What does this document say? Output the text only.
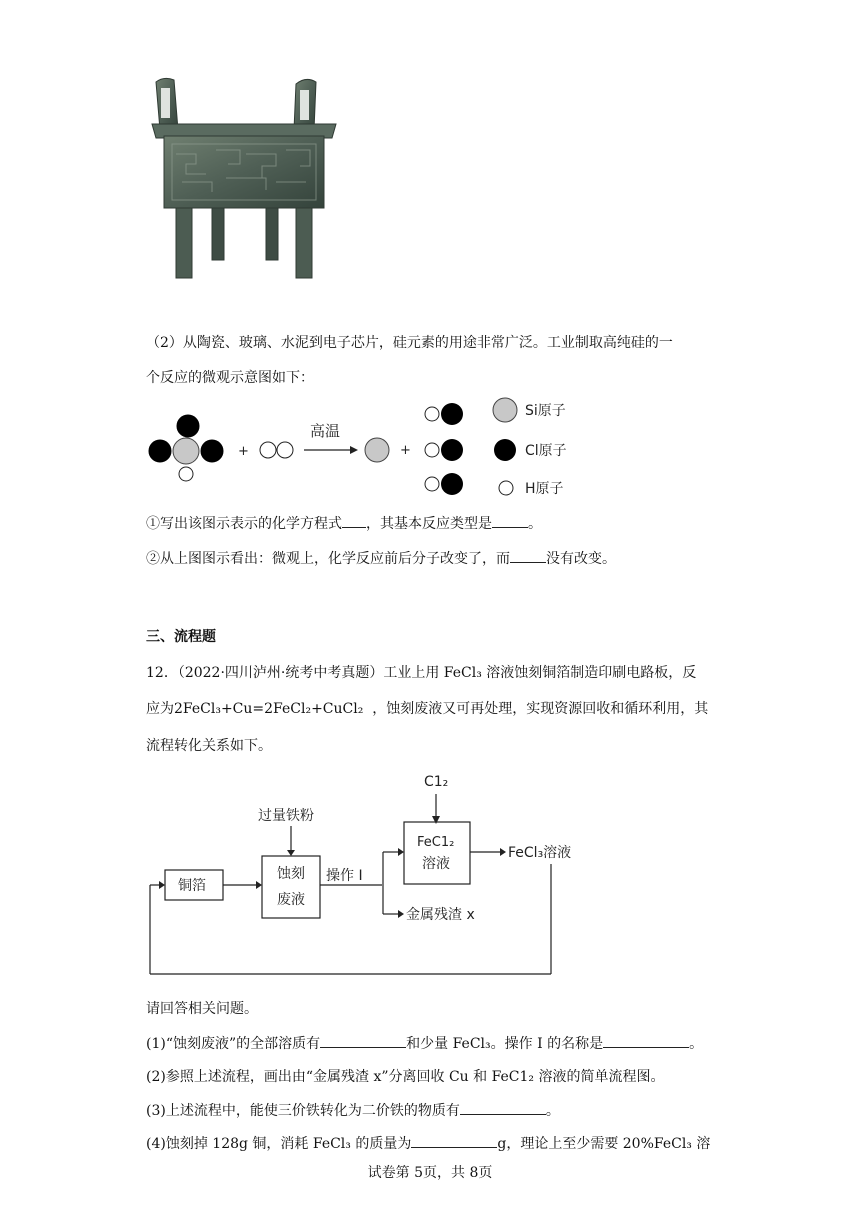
（2）从陶瓷、玻璃、水泥到电子芯片，硅元素的用途非常广泛。工业制取高纯硅的一
个反应的微观示意图如下：
+
高温
+
Si原子
Cl原子
H原子
①写出该图示表示的化学方程式 ，其基本反应类型是	。
②从上图图示看出：微观上，化学反应前后分子改变了，而	没有改变。
三、流程题
12．（2022·四川泸州·统考中考真题）工业上用 FeCl₃ 溶液蚀刻铜箔制造印刷电路板，反
应为2FeCl₃+Cu=2FeCl₂+CuCl₂ ，蚀刻废液又可再处理，实现资源回收和循环利用，其
流程转化关系如下。
C1₂
过量铁粉
铜箔
蚀刻
废液
操作 I
FeC1₂
溶液
FeCl₃溶液
金属残渣 x
请回答相关问题。
(1)“蚀刻废液”的全部溶质有	和少量 FeCl₃。操作 I 的名称是	。
(2)参照上述流程，画出由“金属残渣 x”分离回收 Cu 和 FeC1₂ 溶液的简单流程图。
(3)上述流程中，能使三价铁转化为二价铁的物质有	。
(4)蚀刻掉 128g 铜，消耗 FeCl₃ 的质量为	g，理论上至少需要 20%FeCl₃ 溶
试卷第 5页，共 8页
